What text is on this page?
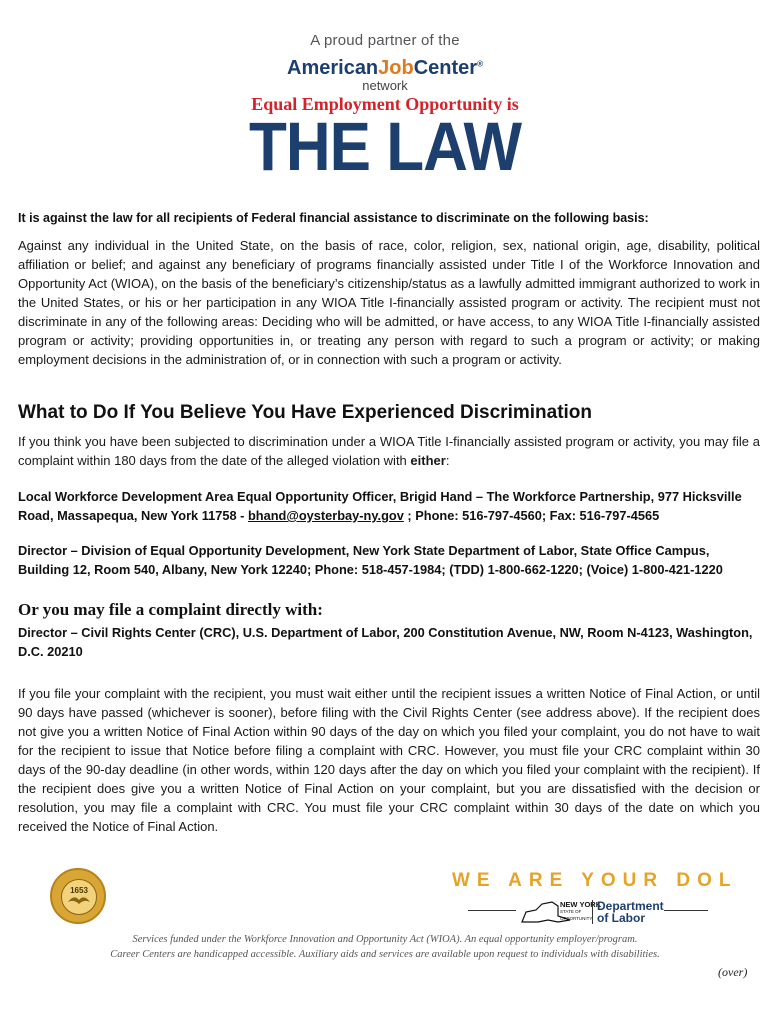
A proud partner of the
AmericanJobCenter®
network
Equal Employment Opportunity is
THE LAW
It is against the law for all recipients of Federal financial assistance to discriminate on the following basis:
Against any individual in the United State, on the basis of race, color, religion, sex, national origin, age, disability, political affiliation or belief; and against any beneficiary of programs financially assisted under Title I of the Workforce Innovation and Opportunity Act (WIOA), on the basis of the beneficiary’s citizenship/status as a lawfully admitted immigrant authorized to work in the United States, or his or her participation in any WIOA Title I-financially assisted program or activity. The recipient must not discriminate in any of the following areas: Deciding who will be admitted, or have access, to any WIOA Title I-financially assisted program or activity; providing opportunities in, or treating any person with regard to such a program or activity; or making employment decisions in the administration of, or in connection with such a program or activity.
What to Do If You Believe You Have Experienced Discrimination
If you think you have been subjected to discrimination under a WIOA Title I-financially assisted program or activity, you may file a complaint within 180 days from the date of the alleged violation with either:
Local Workforce Development Area Equal Opportunity Officer, Brigid Hand – The Workforce Partnership, 977 Hicksville Road, Massapequa, New York 11758 - bhand@oysterbay-ny.gov ; Phone: 516-797-4560; Fax: 516-797-4565
Director – Division of Equal Opportunity Development, New York State Department of Labor, State Office Campus, Building 12, Room 540, Albany, New York 12240; Phone: 518-457-1984; (TDD) 1-800-662-1220; (Voice) 1-800-421-1220
Or you may file a complaint directly with:
Director – Civil Rights Center (CRC), U.S. Department of Labor, 200 Constitution Avenue, NW, Room N-4123, Washington, D.C. 20210
If you file your complaint with the recipient, you must wait either until the recipient issues a written Notice of Final Action, or until 90 days have passed (whichever is sooner), before filing with the Civil Rights Center (see address above). If the recipient does not give you a written Notice of Final Action within 90 days of the day on which you filed your complaint, you do not have to wait for the recipient to issue that Notice before filing a complaint with CRC. However, you must file your CRC complaint within 30 days of the 90-day deadline (in other words, within 120 days after the day on which you filed your complaint with the recipient). If the recipient does give you a written Notice of Final Action on your complaint, but you are dissatisfied with the decision or resolution, you may file a complaint with CRC. You must file your CRC complaint within 30 days of the date on which you received the Notice of Final Action.
1653	WE ARE YOUR DOL
NEW YORK
STATE OF
OPPORTUNITY.
Department
of Labor
Services funded under the Workforce Innovation and Opportunity Act (WIOA). An equal opportunity employer/program.
Career Centers are handicapped accessible. Auxiliary aids and services are available upon request to individuals with disabilities.
(over)
